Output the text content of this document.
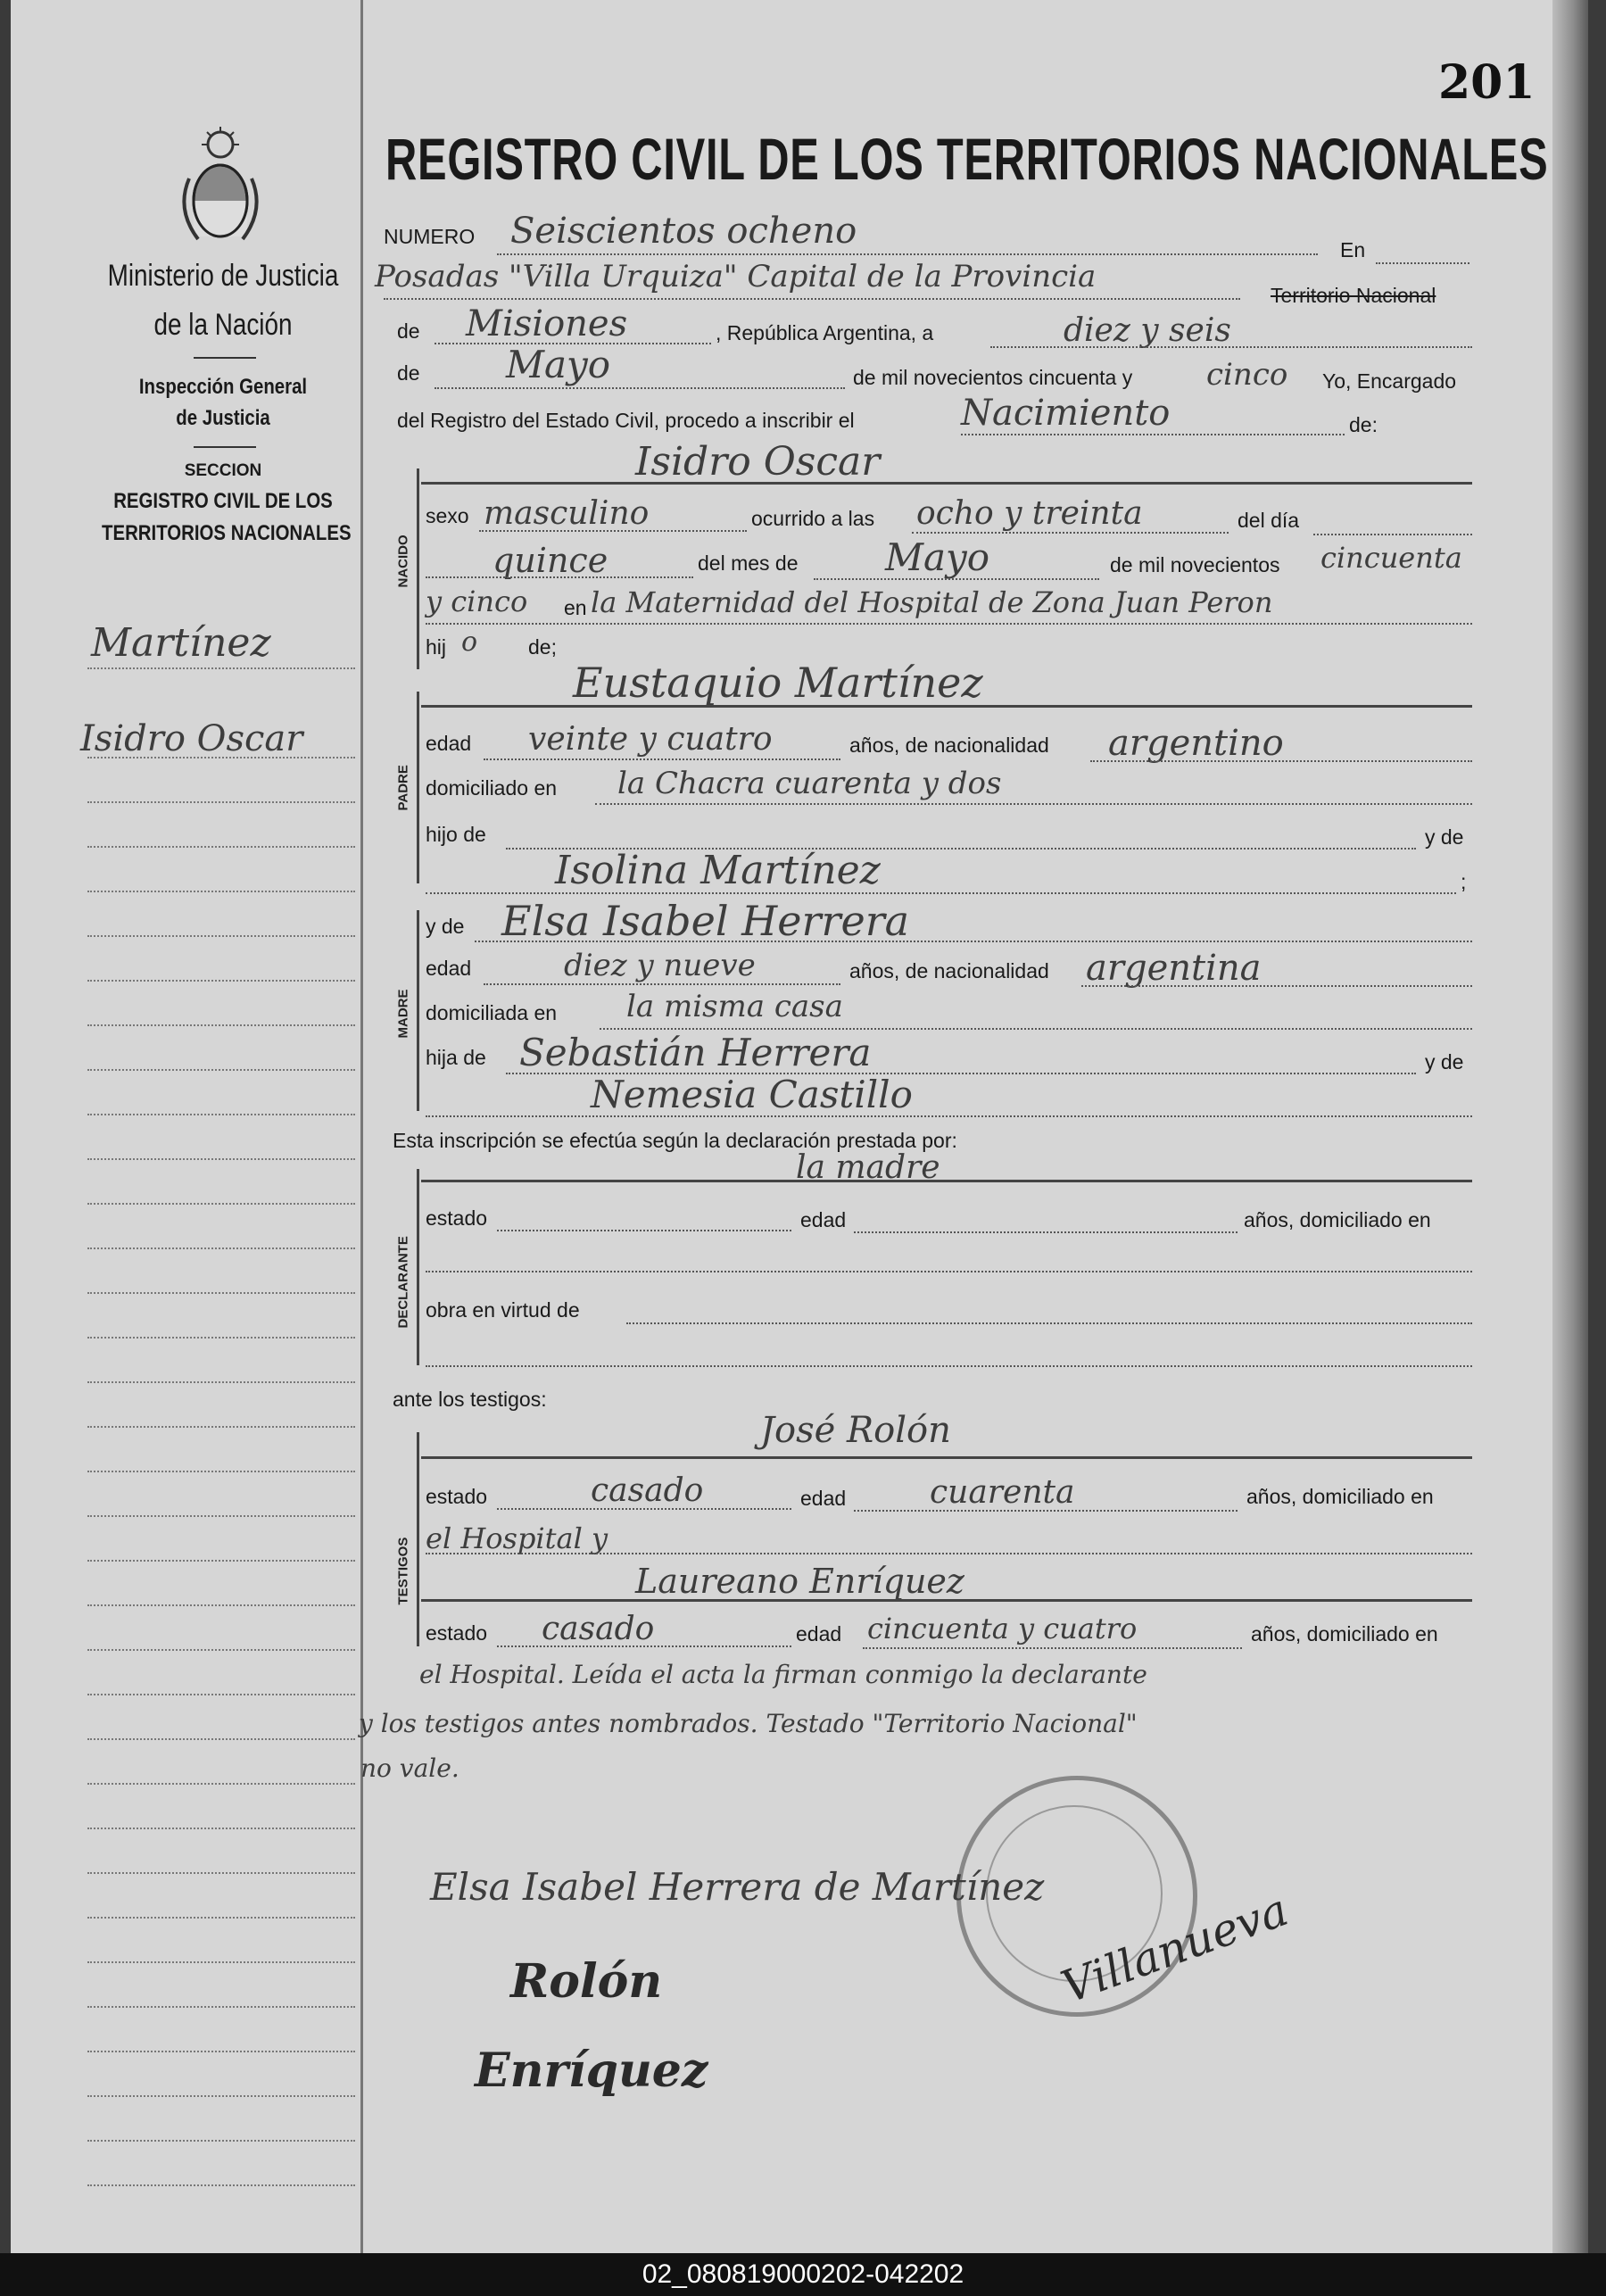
201
Ministerio de Justicia
de la Nación
Inspección General
de Justicia
SECCION
REGISTRO CIVIL DE LOS
TERRITORIOS NACIONALES
Martínez
Isidro Oscar
REGISTRO CIVIL DE LOS TERRITORIOS NACIONALES
NUMERO Seiscientos ocheno	En
Posadas "Villa Urquiza" Capital de la Provincia
Territorio Nacional
de Misiones	, República Argentina, a	diez y seis
de Mayo	de mil novecientos cincuenta y cinco Yo, Encargado
del Registro del Estado Civil, procedo a inscribir el	Nacimiento	de:
NACIDO
Isidro Oscar
sexo masculino	ocurrido a las ocho y treinta	del día
quince	del mes de Mayo	de mil novecientos cincuenta
y cinco en la Maternidad del Hospital de Zona Juan Peron
hij o de;
PADRE
Eustaquio Martínez
edad veinte y cuatro	años, de nacionalidad argentino
domiciliado en la Chacra cuarenta y dos
hijo de	y de
Isolina Martínez	;
MADRE
y de Elsa Isabel Herrera
edad	diez y nueve	años, de nacionalidad argentina
domiciliada en la misma casa
hija de Sebastián Herrera	y de
Nemesia Castillo
Esta inscripción se efectúa según la declaración prestada por:
DECLARANTE
la madre
estado	edad	años, domiciliado en
obra en virtud de
ante los testigos:
TESTIGOS
José Rolón
estado	casado	edad	cuarenta	años, domiciliado en
el Hospital y
Laureano Enríquez
estado casado	edad cincuenta y cuatro	años, domiciliado en
el Hospital. Leída el acta la firman conmigo la declarante
y los testigos antes nombrados. Testado "Territorio Nacional"
no vale.
Elsa Isabel Herrera de Martínez
Rolón
Enríquez
Villanueva
02_080819000202-042202
